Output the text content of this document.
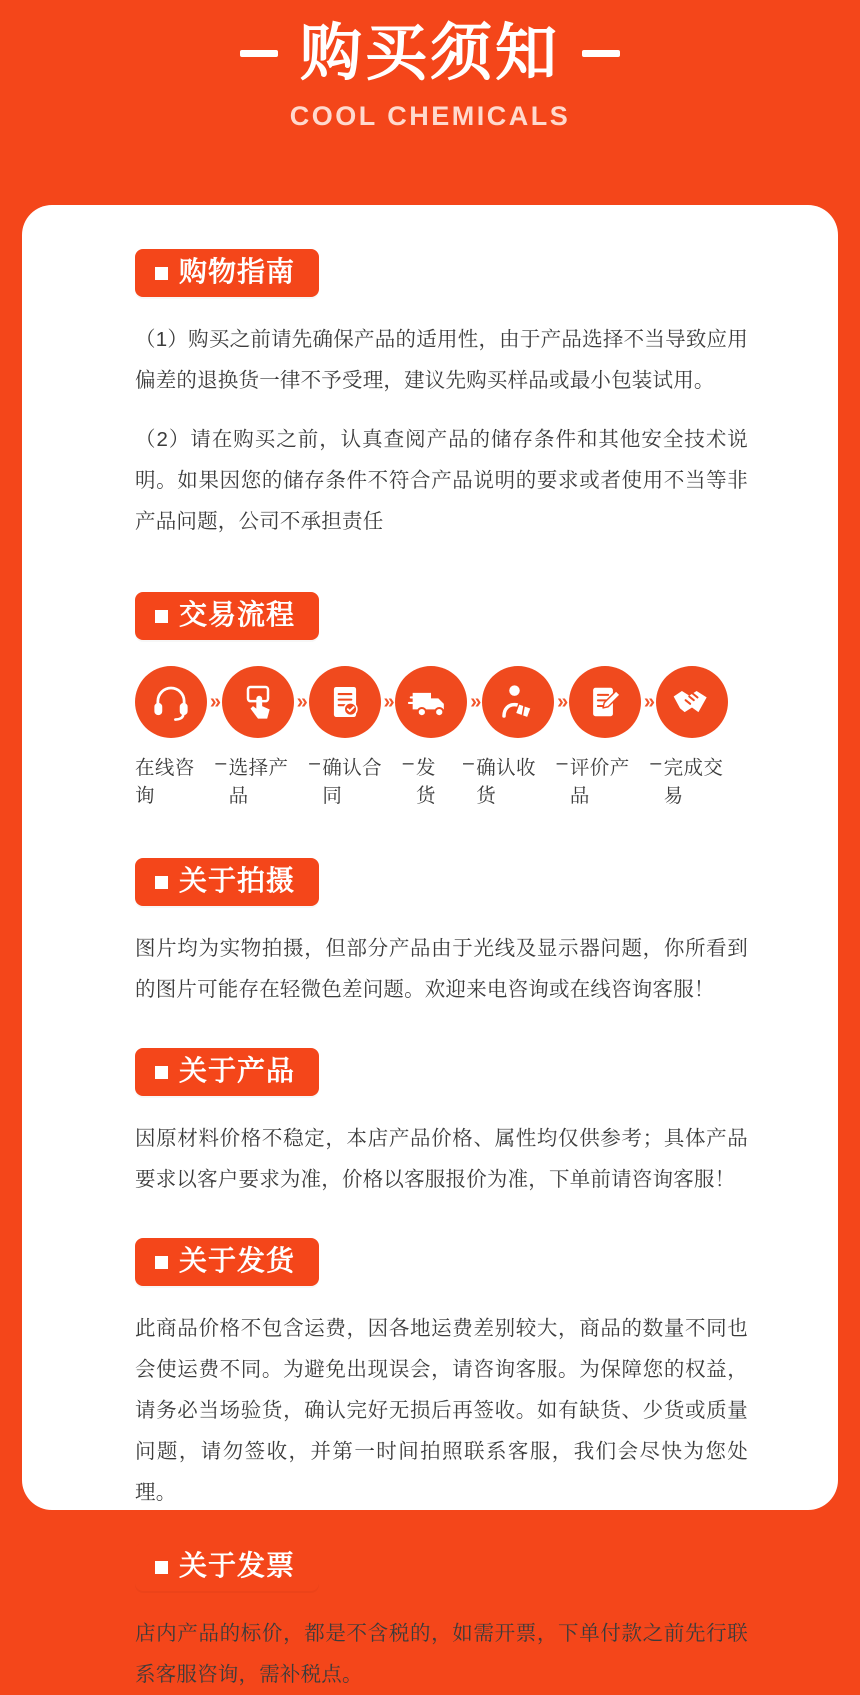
购买须知
COOL CHEMICALS
购物指南

（1）购买之前请先确保产品的适用性，由于产品选择不当导致应用偏差的退换货一律不予受理，建议先购买样品或最小包装试用。

（2）请在购买之前，认真查阅产品的储存条件和其他安全技术说明。如果因您的储存条件不符合产品说明的要求或者使用不当等非产品问题，公司不承担责任

交易流程
»	»	»	»	»	»
在线咨询
– 选择产品
– 确认合同
– 发 货
– 确认收货
– 评价产品
– 完成交易
关于拍摄

图片均为实物拍摄，但部分产品由于光线及显示器问题，你所看到的图片可能存在轻微色差问题。欢迎来电咨询或在线咨询客服！

关于产品

因原材料价格不稳定，本店产品价格、属性均仅供参考；具体产品要求以客户要求为准，价格以客服报价为准，下单前请咨询客服！

关于发货

此商品价格不包含运费，因各地运费差别较大，商品的数量不同也会使运费不同。为避免出现误会，请咨询客服。为保障您的权益，请务必当场验货，确认完好无损后再签收。如有缺货、少货或质量问题，请勿签收，并第一时间拍照联系客服，我们会尽快为您处理。

关于发票

店内产品的标价，都是不含税的，如需开票，下单付款之前先行联系客服咨询，需补税点。
